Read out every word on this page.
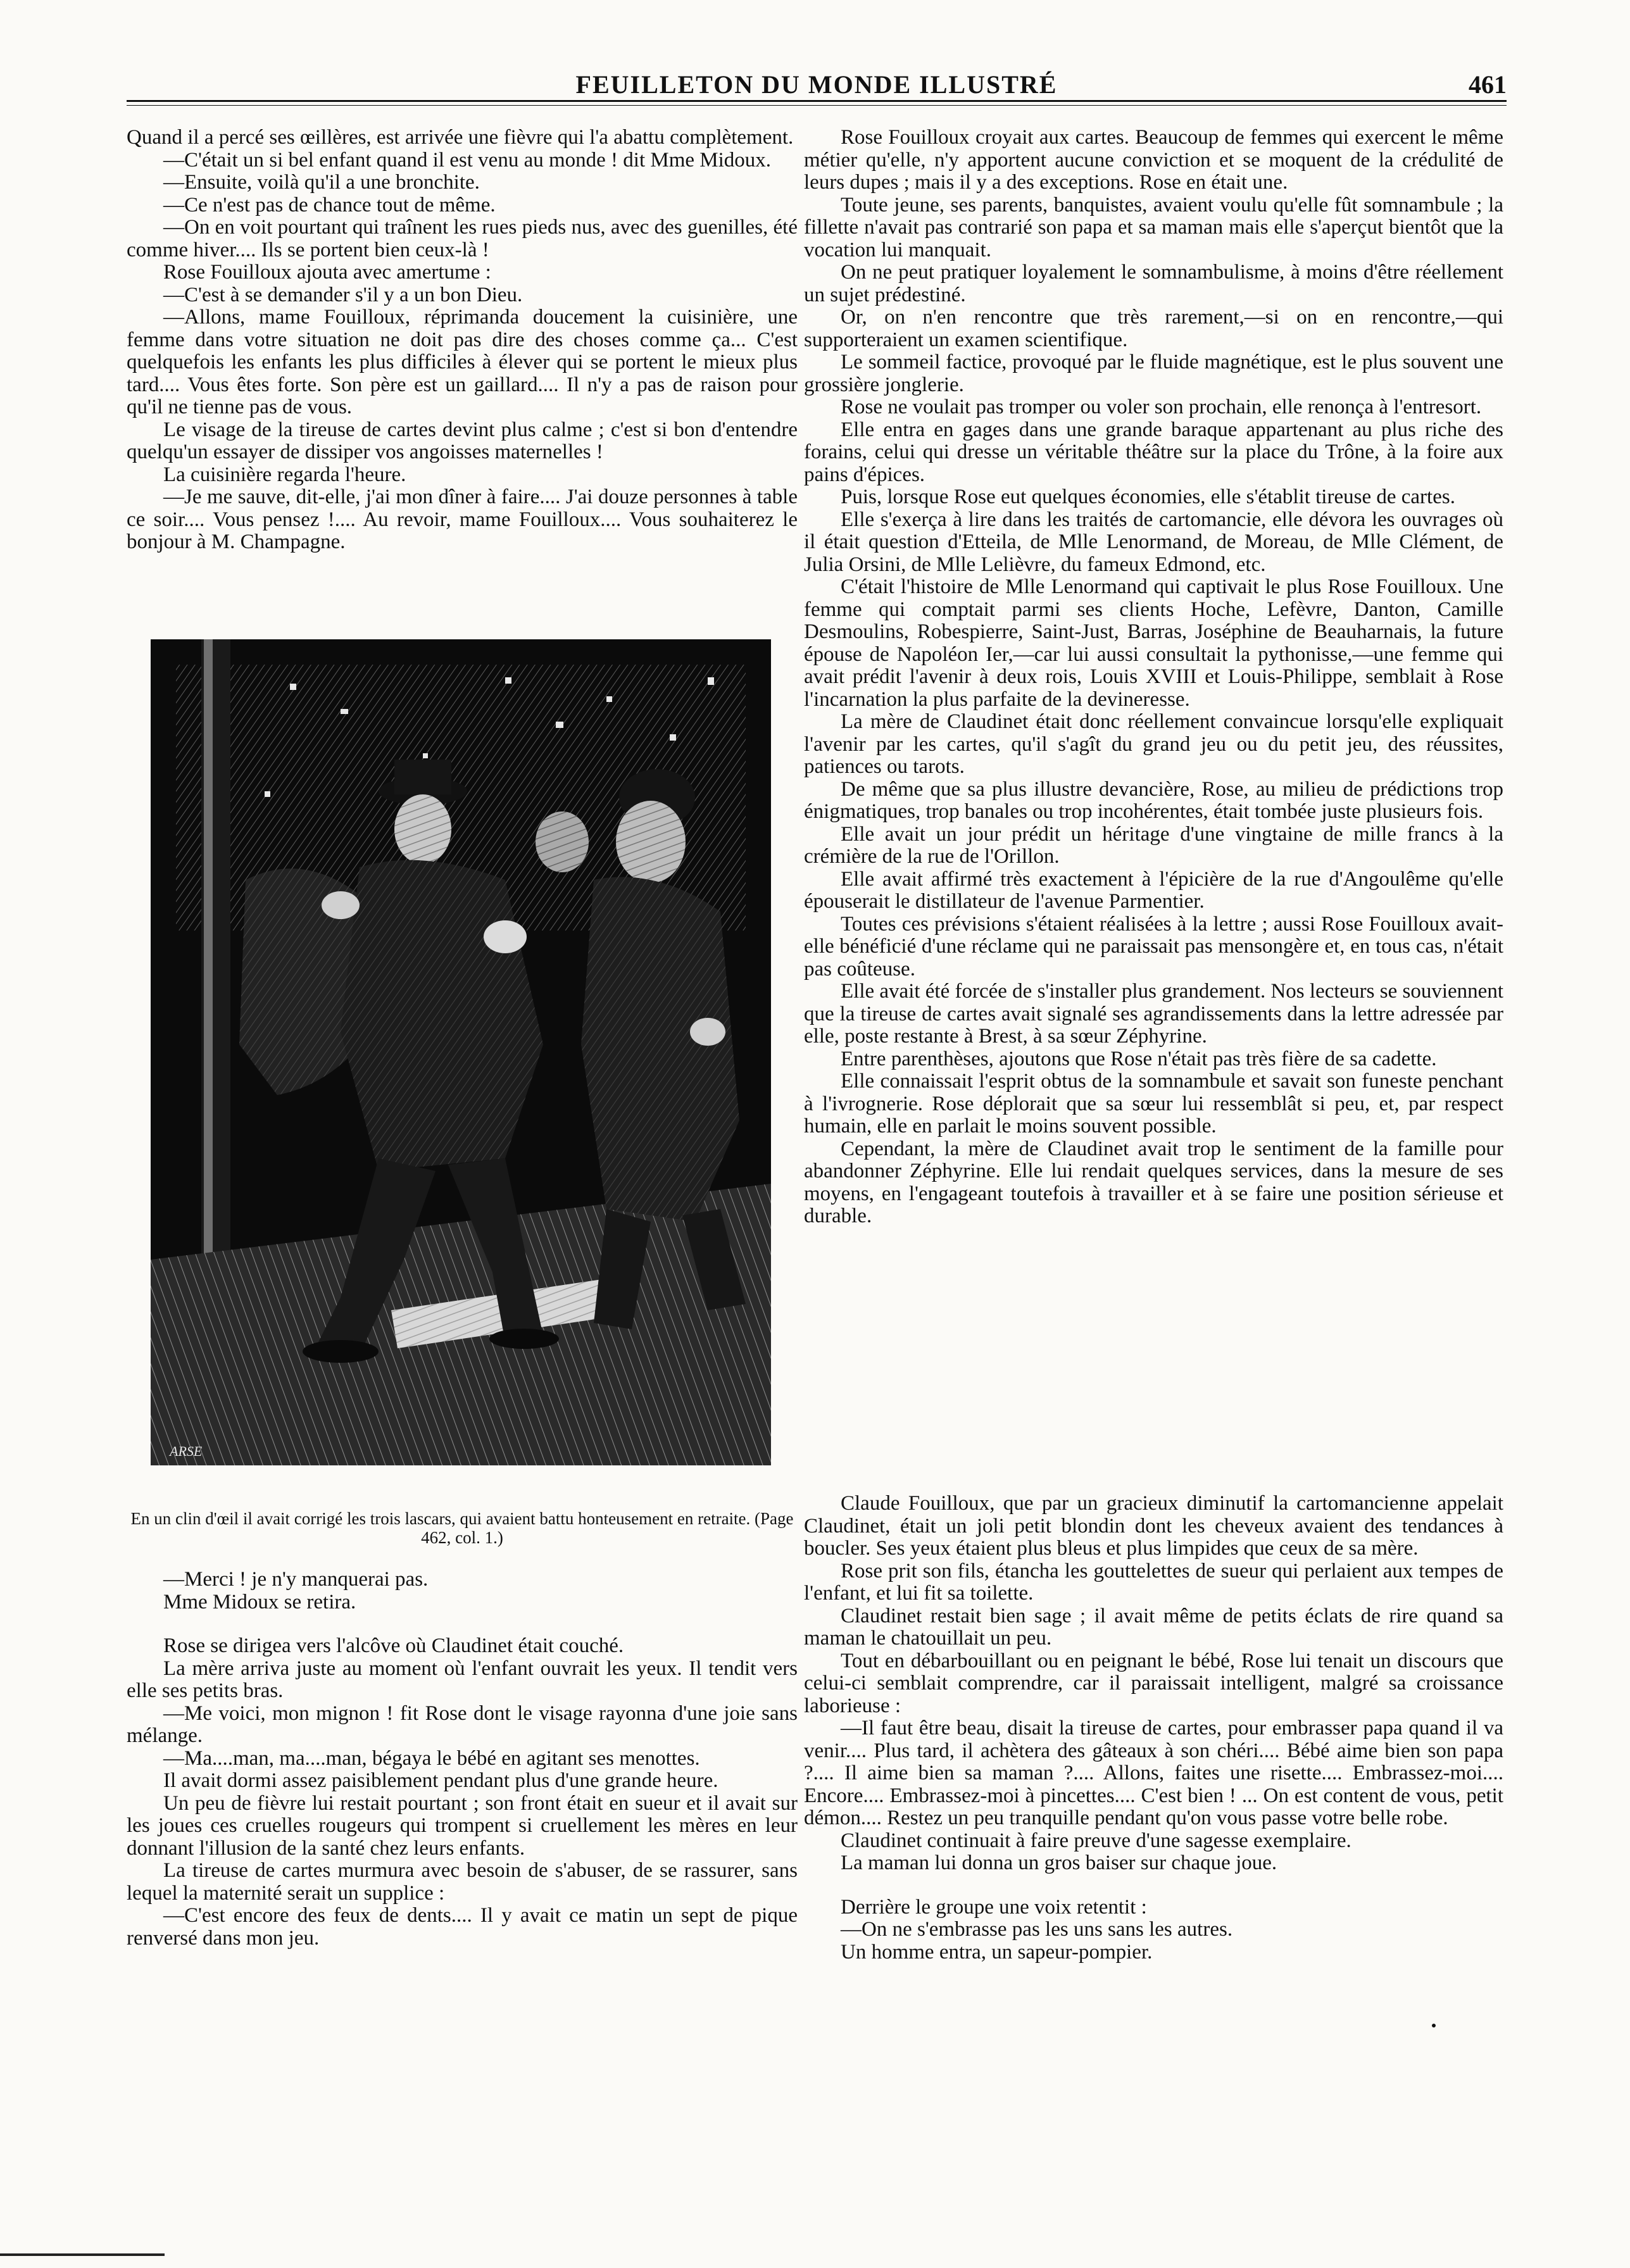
FEUILLETON DU MONDE ILLUSTRÉ	461

Quand il a percé ses œillères, est arrivée une fièvre qui l'a abattu complètement.

—C'était un si bel enfant quand il est venu au monde ! dit Mme Midoux.

—Ensuite, voilà qu'il a une bronchite.

—Ce n'est pas de chance tout de même.

—On en voit pourtant qui traînent les rues pieds nus, avec des guenilles, été comme hiver.... Ils se portent bien ceux-là !

Rose Fouilloux ajouta avec amertume :

—C'est à se demander s'il y a un bon Dieu.

—Allons, mame Fouilloux, réprimanda doucement la cuisinière, une femme dans votre situation ne doit pas dire des choses comme ça... C'est quelquefois les enfants les plus difficiles à élever qui se portent le mieux plus tard.... Vous êtes forte. Son père est un gaillard.... Il n'y a pas de raison pour qu'il ne tienne pas de vous.

Le visage de la tireuse de cartes devint plus calme ; c'est si bon d'entendre quelqu'un essayer de dissiper vos angoisses maternelles !

La cuisinière regarda l'heure.

—Je me sauve, dit-elle, j'ai mon dîner à faire.... J'ai douze personnes à table ce soir.... Vous pensez !.... Au revoir, mame Fouilloux.... Vous souhaiterez le bonjour à M. Champagne.

ARSE
En un clin d'œil il avait corrigé les trois lascars, qui avaient battu honteusement en retraite. (Page 462, col. 1.)

—Merci ! je n'y manquerai pas.

Mme Midoux se retira.

Rose se dirigea vers l'alcôve où Claudinet était couché.

La mère arriva juste au moment où l'enfant ouvrait les yeux. Il tendit vers elle ses petits bras.

—Me voici, mon mignon ! fit Rose dont le visage rayonna d'une joie sans mélange.

—Ma....man, ma....man, bégaya le bébé en agitant ses menottes.

Il avait dormi assez paisiblement pendant plus d'une grande heure.

Un peu de fièvre lui restait pourtant ; son front était en sueur et il avait sur les joues ces cruelles rougeurs qui trompent si cruellement les mères en leur donnant l'illusion de la santé chez leurs enfants.

La tireuse de cartes murmura avec besoin de s'abuser, de se rassurer, sans lequel la maternité serait un supplice :

—C'est encore des feux de dents.... Il y avait ce matin un sept de pique renversé dans mon jeu.

Rose Fouilloux croyait aux cartes. Beaucoup de femmes qui exercent le même métier qu'elle, n'y apportent aucune conviction et se moquent de la crédulité de leurs dupes ; mais il y a des exceptions. Rose en était une.

Toute jeune, ses parents, banquistes, avaient voulu qu'elle fût somnambule ; la fillette n'avait pas contrarié son papa et sa maman mais elle s'aperçut bientôt que la vocation lui manquait.

On ne peut pratiquer loyalement le somnambulisme, à moins d'être réellement un sujet prédestiné.

Or, on n'en rencontre que très rarement,—si on en rencontre,—qui supporteraient un examen scientifique.

Le sommeil factice, provoqué par le fluide magnétique, est le plus souvent une grossière jonglerie.

Rose ne voulait pas tromper ou voler son prochain, elle renonça à l'entresort.

Elle entra en gages dans une grande baraque appartenant au plus riche des forains, celui qui dresse un véritable théâtre sur la place du Trône, à la foire aux pains d'épices.

Puis, lorsque Rose eut quelques économies, elle s'établit tireuse de cartes.

Elle s'exerça à lire dans les traités de cartomancie, elle dévora les ouvrages où il était question d'Etteila, de Mlle Lenormand, de Moreau, de Mlle Clément, de Julia Orsini, de Mlle Lelièvre, du fameux Edmond, etc.

C'était l'histoire de Mlle Lenormand qui captivait le plus Rose Fouilloux. Une femme qui comptait parmi ses clients Hoche, Lefèvre, Danton, Camille Desmoulins, Robespierre, Saint-Just, Barras, Joséphine de Beauharnais, la future épouse de Napoléon Ier,—car lui aussi consultait la pythonisse,—une femme qui avait prédit l'avenir à deux rois, Louis XVIII et Louis-Philippe, semblait à Rose l'incarnation la plus parfaite de la devineresse.

La mère de Claudinet était donc réellement convaincue lorsqu'elle expliquait l'avenir par les cartes, qu'il s'agît du grand jeu ou du petit jeu, des réussites, patiences ou tarots.

De même que sa plus illustre devancière, Rose, au milieu de prédictions trop énigmatiques, trop banales ou trop incohérentes, était tombée juste plusieurs fois.

Elle avait un jour prédit un héritage d'une vingtaine de mille francs à la crémière de la rue de l'Orillon.

Elle avait affirmé très exactement à l'épicière de la rue d'Angoulême qu'elle épouserait le distillateur de l'avenue Parmentier.

Toutes ces prévisions s'étaient réalisées à la lettre ; aussi Rose Fouilloux avait-elle bénéficié d'une réclame qui ne paraissait pas mensongère et, en tous cas, n'était pas coûteuse.

Elle avait été forcée de s'installer plus grandement. Nos lecteurs se souviennent que la tireuse de cartes avait signalé ses agrandissements dans la lettre adressée par elle, poste restante à Brest, à sa sœur Zéphyrine.

Entre parenthèses, ajoutons que Rose n'était pas très fière de sa cadette.

Elle connaissait l'esprit obtus de la somnambule et savait son funeste penchant à l'ivrognerie. Rose déplorait que sa sœur lui ressemblât si peu, et, par respect humain, elle en parlait le moins souvent possible.

Cependant, la mère de Claudinet avait trop le sentiment de la famille pour abandonner Zéphyrine. Elle lui rendait quelques services, dans la mesure de ses moyens, en l'engageant toutefois à travailler et à se faire une position sérieuse et durable.

Claude Fouilloux, que par un gracieux diminutif la cartomancienne appelait Claudinet, était un joli petit blondin dont les cheveux avaient des tendances à boucler. Ses yeux étaient plus bleus et plus limpides que ceux de sa mère.

Rose prit son fils, étancha les gouttelettes de sueur qui perlaient aux tempes de l'enfant, et lui fit sa toilette.

Claudinet restait bien sage ; il avait même de petits éclats de rire quand sa maman le chatouillait un peu.

Tout en débarbouillant ou en peignant le bébé, Rose lui tenait un discours que celui-ci semblait comprendre, car il paraissait intelligent, malgré sa croissance laborieuse :

—Il faut être beau, disait la tireuse de cartes, pour embrasser papa quand il va venir.... Plus tard, il achètera des gâteaux à son chéri.... Bébé aime bien son papa ?.... Il aime bien sa maman ?.... Allons, faites une risette.... Embrassez-moi.... Encore.... Embrassez-moi à pincettes.... C'est bien ! ... On est content de vous, petit démon.... Restez un peu tranquille pendant qu'on vous passe votre belle robe.

Claudinet continuait à faire preuve d'une sagesse exemplaire.

La maman lui donna un gros baiser sur chaque joue.

Derrière le groupe une voix retentit :

—On ne s'embrasse pas les uns sans les autres.

Un homme entra, un sapeur-pompier.
